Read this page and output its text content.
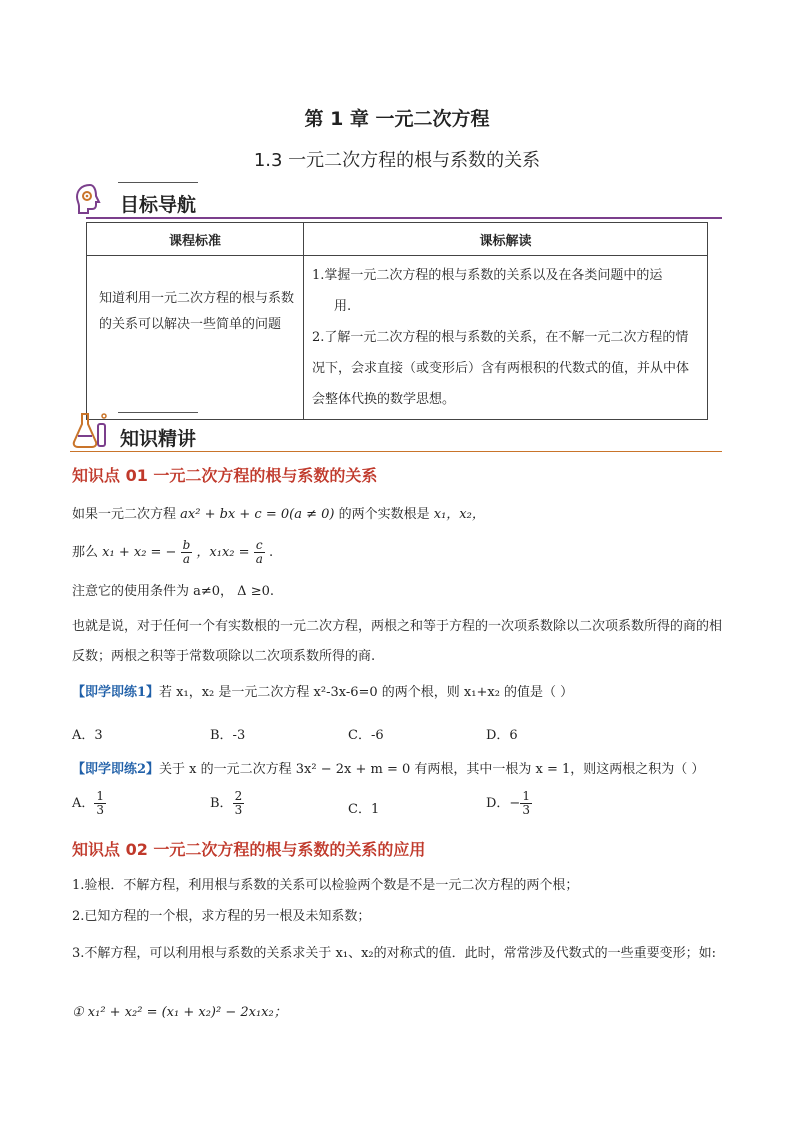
第 1 章 一元二次方程
1.3 一元二次方程的根与系数的关系
目标导航
课程标准	课标解读
知道利用一元二次方程的根与系数的关系可以解决一些简单的问题	1.掌握一元二次方程的根与系数的关系以及在各类问题中的运

用.

2.了解一元二次方程的根与系数的关系，在不解一元二次方程的情况下，会求直接（或变形后）含有两根积的代数式的值，并从中体会整体代换的数学思想。

知识精讲
知识点 01 一元二次方程的根与系数的关系
如果一元二次方程 ax² + bx + c = 0(a ≠ 0) 的两个实数根是 x₁，x₂，
那么 x₁ + x₂ = − $\frac{b}{a}$ ，$x_1x_2 = \frac{c}{a}$ .
注意它的使用条件为 a≠0， Δ ≥0.
也就是说，对于任何一个有实数根的一元二次方程，两根之和等于方程的一次项系数除以二次项系数所得的商的相反数；两根之积等于常数项除以二次项系数所得的商.
【即学即练1】若 x₁，x₂ 是一元二次方程 x²-3x-6=0 的两个根，则 x₁+x₂ 的值是（ ）
A．3	B．-3	C．-6	D．6
【即学即练2】关于 x 的一元二次方程 3x² − 2x + m = 0 有两根，其中一根为 x = 1，则这两根之积为（ ）
A． $\frac{1}{3}$	B． $\frac{2}{3}$	C．1	D．− $\frac{1}{3}$
知识点 02 一元二次方程的根与系数的关系的应用
1.验根．不解方程，利用根与系数的关系可以检验两个数是不是一元二次方程的两个根；
2.已知方程的一个根，求方程的另一根及未知系数；
3.不解方程，可以利用根与系数的关系求关于 x₁、x₂的对称式的值．此时，常常涉及代数式的一些重要变形；如:
① x₁² + x₂² = (x₁ + x₂)² − 2x₁x₂；
